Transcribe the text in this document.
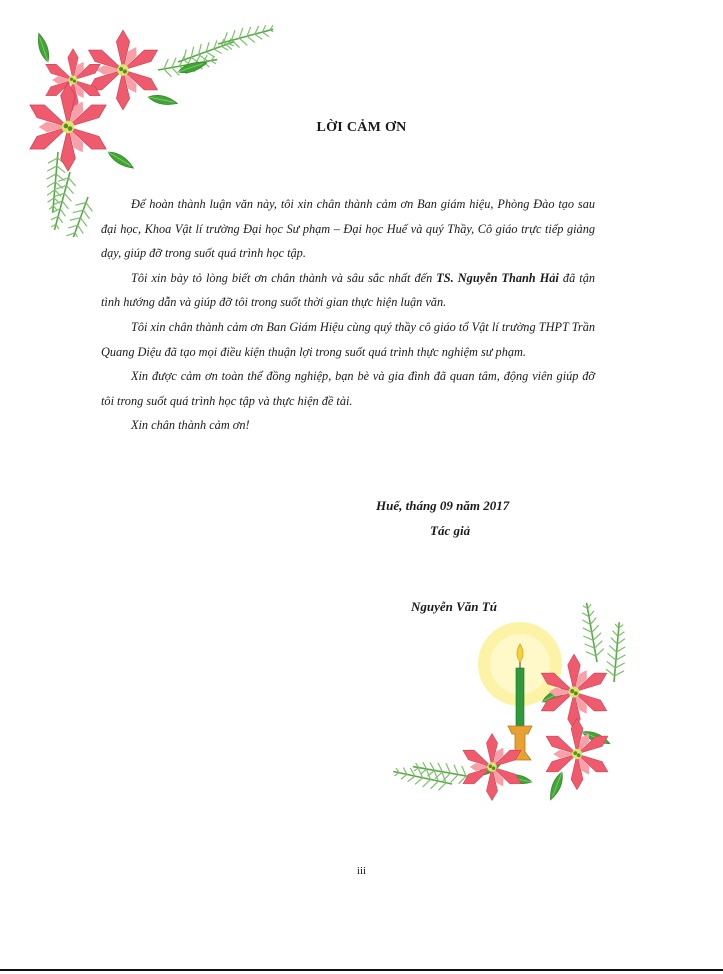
LỜI CẢM ƠN

Để hoàn thành luận văn này, tôi xin chân thành cảm ơn Ban giám hiệu, Phòng Đào tạo sau đại học, Khoa Vật lí trường Đại học Sư phạm – Đại học Huế và quý Thầy, Cô giáo trực tiếp giảng dạy, giúp đỡ trong suốt quá trình học tập.

Tôi xin bày tỏ lòng biết ơn chân thành và sâu sắc nhất đến TS. Nguyễn Thanh Hải đã tận tình hướng dẫn và giúp đỡ tôi trong suốt thời gian thực hiện luận văn.

Tôi xin chân thành cảm ơn Ban Giám Hiệu cùng quý thầy cô giáo tổ Vật lí trường THPT Trần Quang Diệu đã tạo mọi điều kiện thuận lợi trong suốt quá trình thực nghiệm sư phạm.

Xin được cảm ơn toàn thể đồng nghiệp, bạn bè và gia đình đã quan tâm, động viên giúp đỡ tôi trong suốt quá trình học tập và thực hiện đề tài.

Xin chân thành cảm ơn!

Huế, tháng 09 năm 2017
Tác giả
Nguyễn Văn Tú
iii
